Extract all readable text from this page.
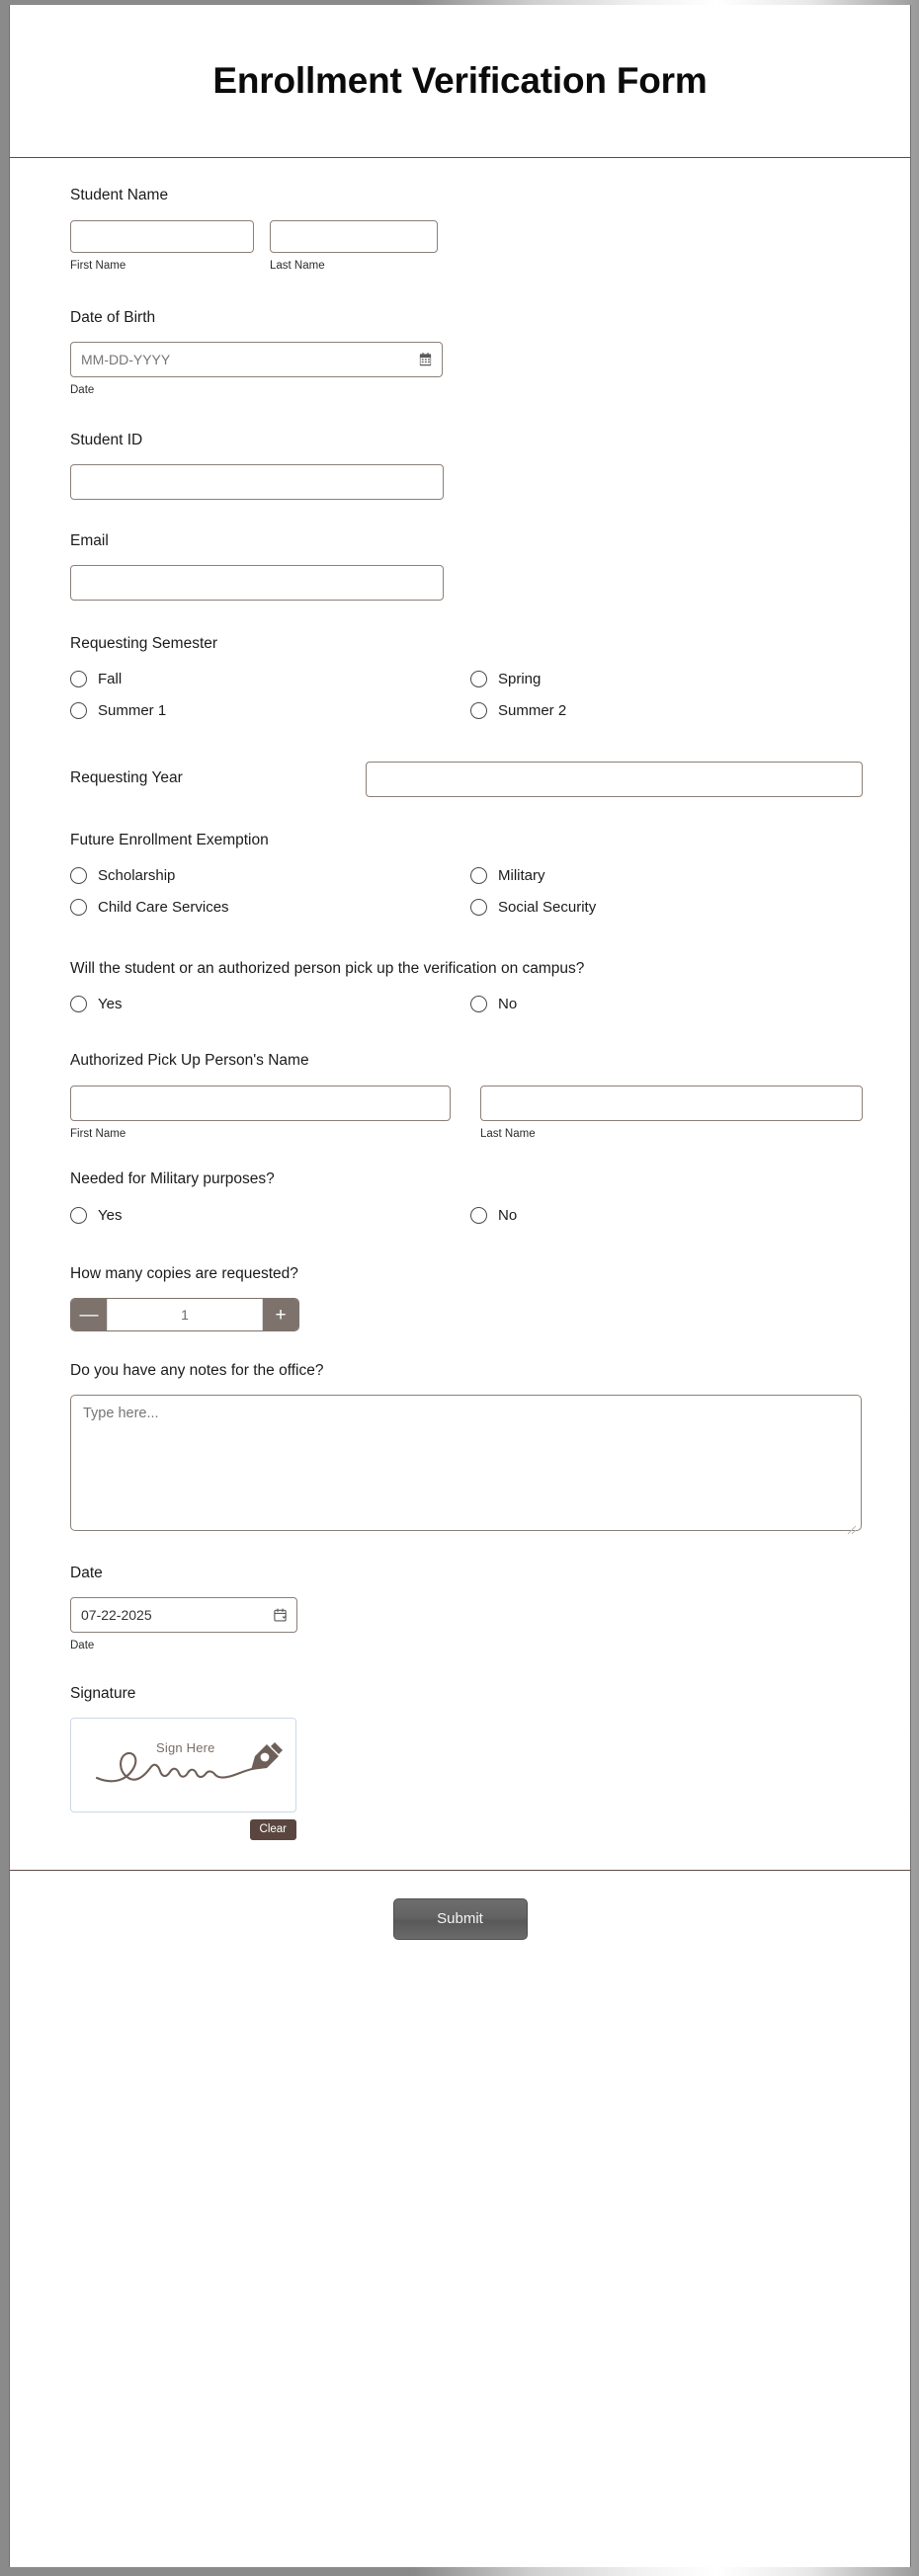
Enrollment Verification Form
Student Name
First Name	Last Name
Date of Birth
MM-DD-YYYY
Date
Student ID
Email
Requesting Semester
Fall	Spring
Summer 1	Summer 2
Requesting Year
Future Enrollment Exemption
Scholarship	Military
Child Care Services	Social Security
Will the student or an authorized person pick up the verification on campus?
Yes	No
Authorized Pick Up Person's Name
First Name	Last Name
Needed for Military purposes?
Yes	No
How many copies are requested?
—	1	+
Do you have any notes for the office?
Type here...
Date
07-22-2025
Date
Signature
Sign Here
Clear
Submit
